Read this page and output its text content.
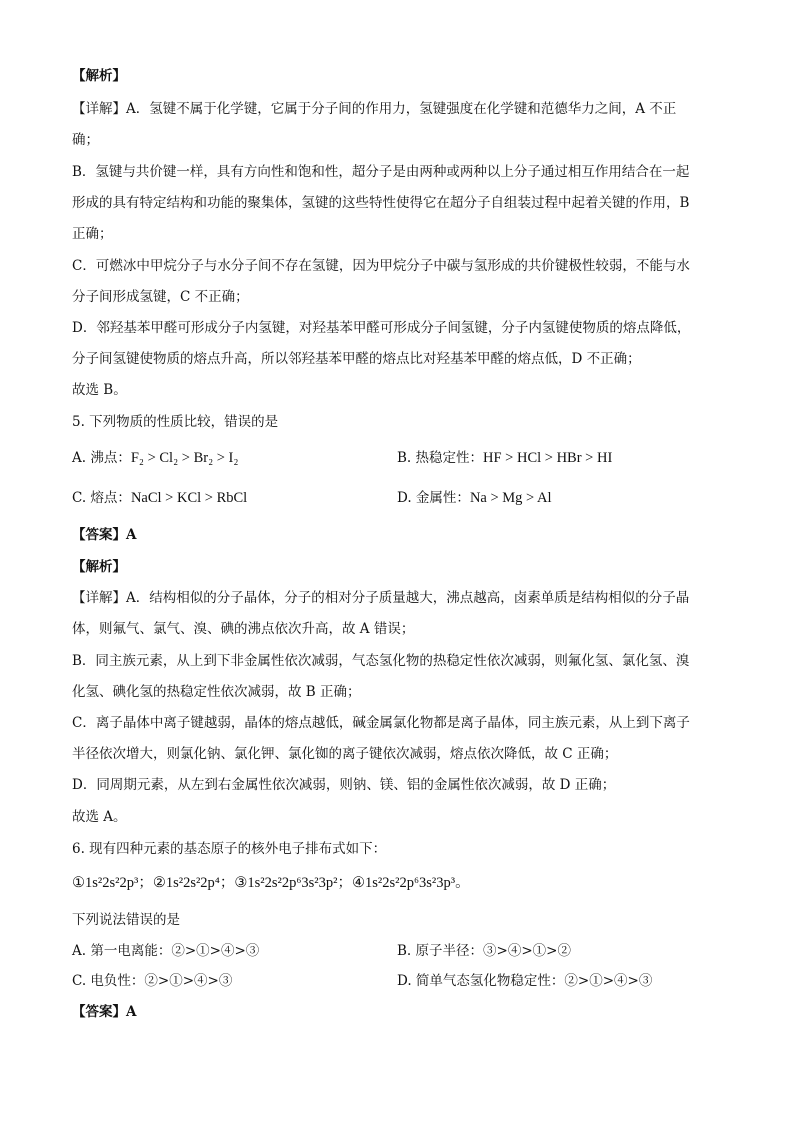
【解析】
【详解】A．氢键不属于化学键，它属于分子间的作用力，氢键强度在化学键和范德华力之间，A 不正
确；
B．氢键与共价键一样，具有方向性和饱和性，超分子是由两种或两种以上分子通过相互作用结合在一起
形成的具有特定结构和功能的聚集体，氢键的这些特性使得它在超分子自组装过程中起着关键的作用，B
正确；
C．可燃冰中甲烷分子与水分子间不存在氢键，因为甲烷分子中碳与氢形成的共价键极性较弱，不能与水
分子间形成氢键，C 不正确；
D．邻羟基苯甲醛可形成分子内氢键，对羟基苯甲醛可形成分子间氢键，分子内氢键使物质的熔点降低，
分子间氢键使物质的熔点升高，所以邻羟基苯甲醛的熔点比对羟基苯甲醛的熔点低，D 不正确；
故选 B。
5. 下列物质的性质比较，错误的是
A. 沸点：F₂ > Cl₂ > Br₂ > I₂	B. 热稳定性：HF > HCl > HBr > HI
C. 熔点：NaCl > KCl > RbCl	D. 金属性：Na > Mg > Al
【答案】A
【解析】
【详解】A．结构相似的分子晶体，分子的相对分子质量越大，沸点越高，卤素单质是结构相似的分子晶
体，则氟气、氯气、溴、碘的沸点依次升高，故 A 错误；
B．同主族元素，从上到下非金属性依次减弱，气态氢化物的热稳定性依次减弱，则氟化氢、氯化氢、溴
化氢、碘化氢的热稳定性依次减弱，故 B 正确；
C．离子晶体中离子键越弱，晶体的熔点越低，碱金属氯化物都是离子晶体，同主族元素，从上到下离子
半径依次增大，则氯化钠、氯化钾、氯化铷的离子键依次减弱，熔点依次降低，故 C 正确；
D．同周期元素，从左到右金属性依次减弱，则钠、镁、铝的金属性依次减弱，故 D 正确；
故选 A。
6. 现有四种元素的基态原子的核外电子排布式如下：
①1s²2s²2p³；②1s²2s²2p⁴；③1s²2s²2p⁶3s²3p²；④1s²2s²2p⁶3s²3p³。
下列说法错误的是
A. 第一电离能：②>①>④>③	B. 原子半径：③>④>①>②
C. 电负性：②>①>④>③	D. 简单气态氢化物稳定性：②>①>④>③
【答案】A
